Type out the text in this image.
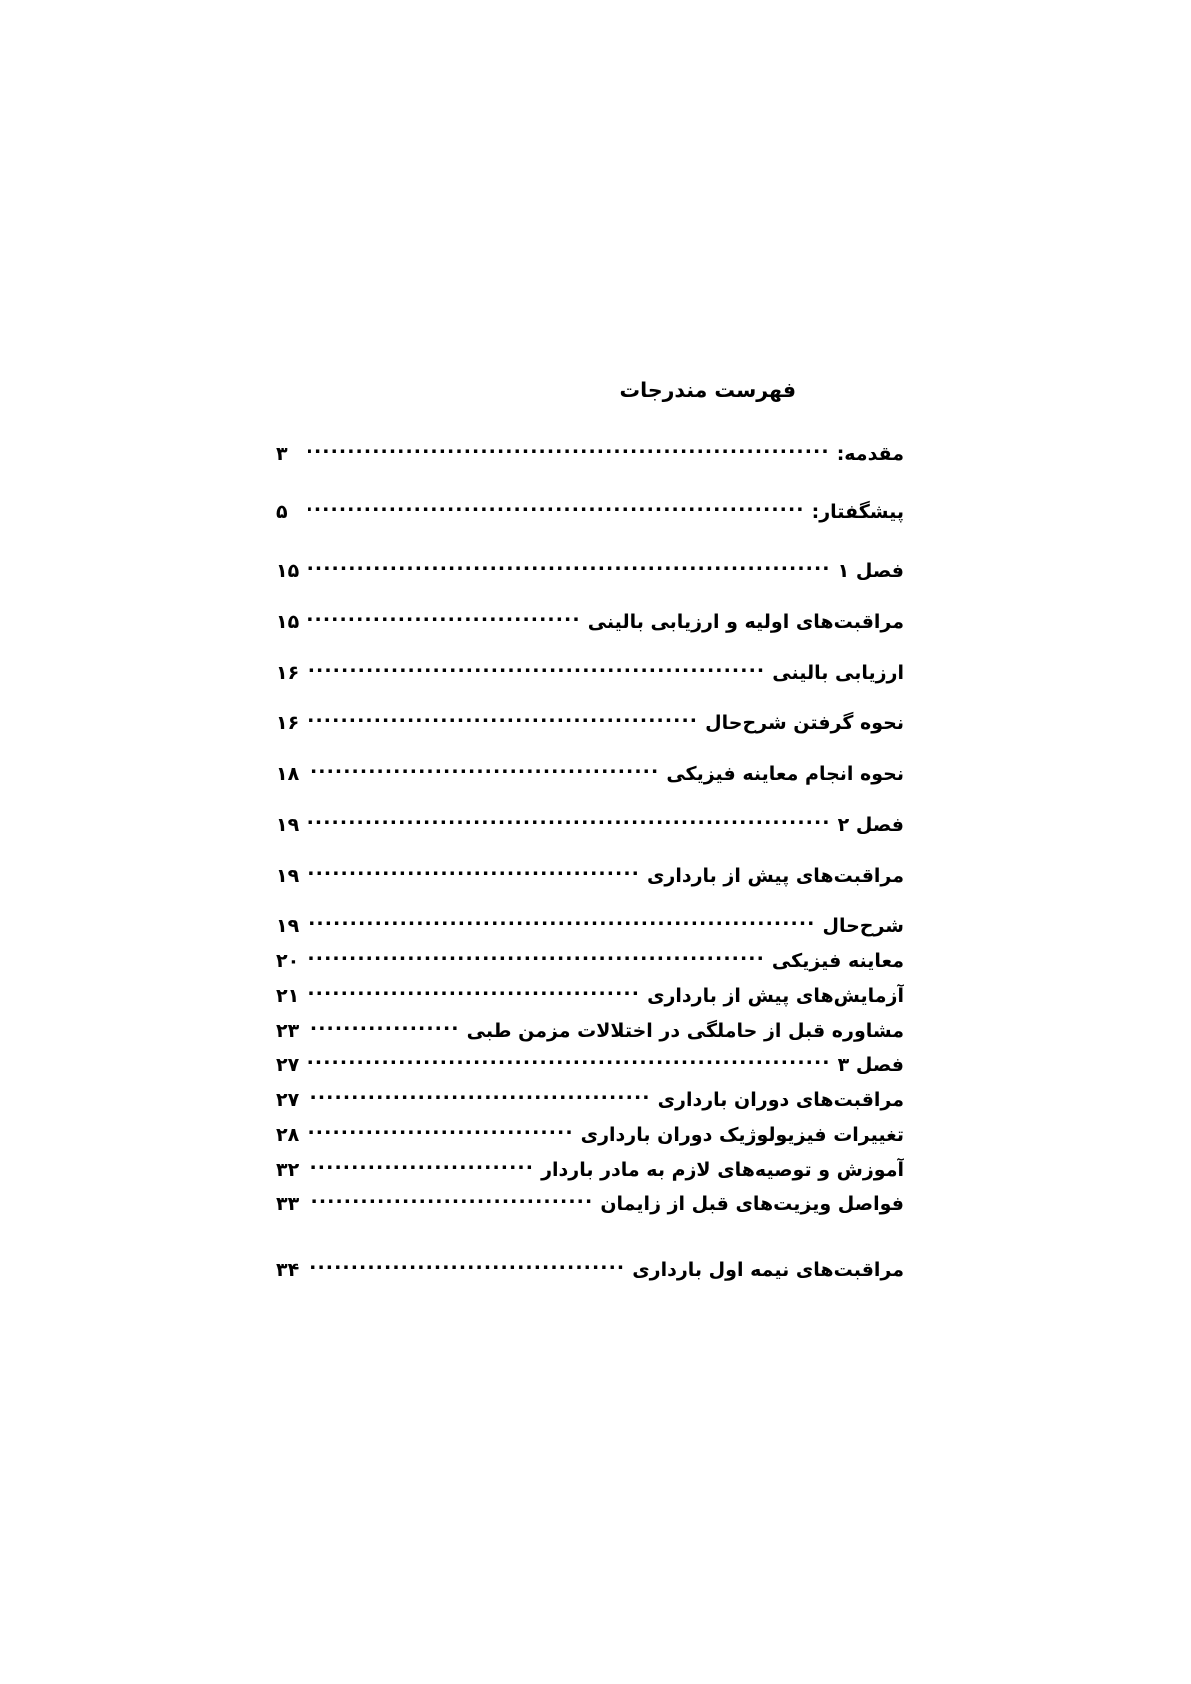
فهرست مندرجات
مقدمه:
.....
۳
پیشگفتار:
.....
۵
فصل ۱
.....
۱۵
مراقبت‌های اولیه و ارزیابی بالینی
.....
۱۵
ارزیابی بالینی
.....
۱۶
نحوه گرفتن شرح‌حال
.....
۱۶
نحوه انجام معاینه فیزیکی
.....
۱۸
فصل ۲
.....
۱۹
مراقبت‌های پیش از بارداری
.....
۱۹
شرح‌حال
.....
۱۹
معاینه فیزیکی
.....
۲۰
آزمایش‌های پیش از بارداری
.....
۲۱
مشاوره قبل از حاملگی در اختلالات مزمن طبی
.....
۲۳
فصل ۳
.....
۲۷
مراقبت‌های دوران بارداری
.....
۲۷
تغییرات فیزیولوژیک دوران بارداری
.....
۲۸
آموزش و توصیه‌های لازم به مادر باردار
.....
۳۲
فواصل ویزیت‌های قبل از زایمان
.....
۳۳
مراقبت‌های نیمه اول بارداری
.....
۳۴
